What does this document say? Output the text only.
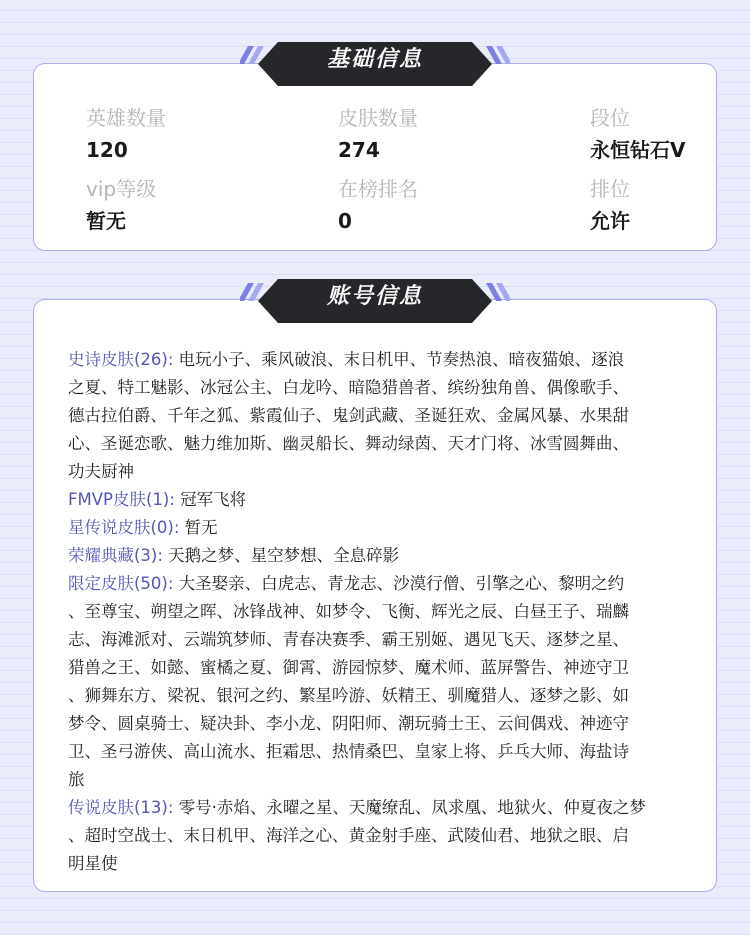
基础信息
英雄数量
120
皮肤数量
274
段位
永恒钻石V
vip等级
暂无
在榜排名
0
排位
允许
账号信息
史诗皮肤(26): 电玩小子、乘风破浪、末日机甲、节奏热浪、暗夜猫娘、逐浪
之夏、特工魅影、冰冠公主、白龙吟、暗隐猎兽者、缤纷独角兽、偶像歌手、
德古拉伯爵、千年之狐、紫霞仙子、鬼剑武藏、圣诞狂欢、金属风暴、水果甜
心、圣诞恋歌、魅力维加斯、幽灵船长、舞动绿茵、天才门将、冰雪圆舞曲、
功夫厨神
FMVP皮肤(1): 冠军飞将
星传说皮肤(0): 暂无
荣耀典藏(3): 天鹅之梦、星空梦想、全息碎影
限定皮肤(50): 大圣娶亲、白虎志、青龙志、沙漠行僧、引擎之心、黎明之约
、至尊宝、朔望之晖、冰锋战神、如梦令、飞衡、辉光之辰、白昼王子、瑞麟
志、海滩派对、云端筑梦师、青春决赛季、霸王别姬、遇见飞天、逐梦之星、
猎兽之王、如懿、蜜橘之夏、御霄、游园惊梦、魔术师、蓝屏警告、神迹守卫
、狮舞东方、梁祝、银河之约、繁星吟游、妖精王、驯魔猎人、逐梦之影、如
梦令、圆桌骑士、疑决卦、李小龙、阴阳师、潮玩骑士王、云间偶戏、神迹守
卫、圣弓游侠、高山流水、拒霜思、热情桑巴、皇家上将、乒乓大师、海盐诗
旅
传说皮肤(13): 零号·赤焰、永曜之星、天魔缭乱、凤求凰、地狱火、仲夏夜之梦
、超时空战士、末日机甲、海洋之心、黄金射手座、武陵仙君、地狱之眼、启
明星使
